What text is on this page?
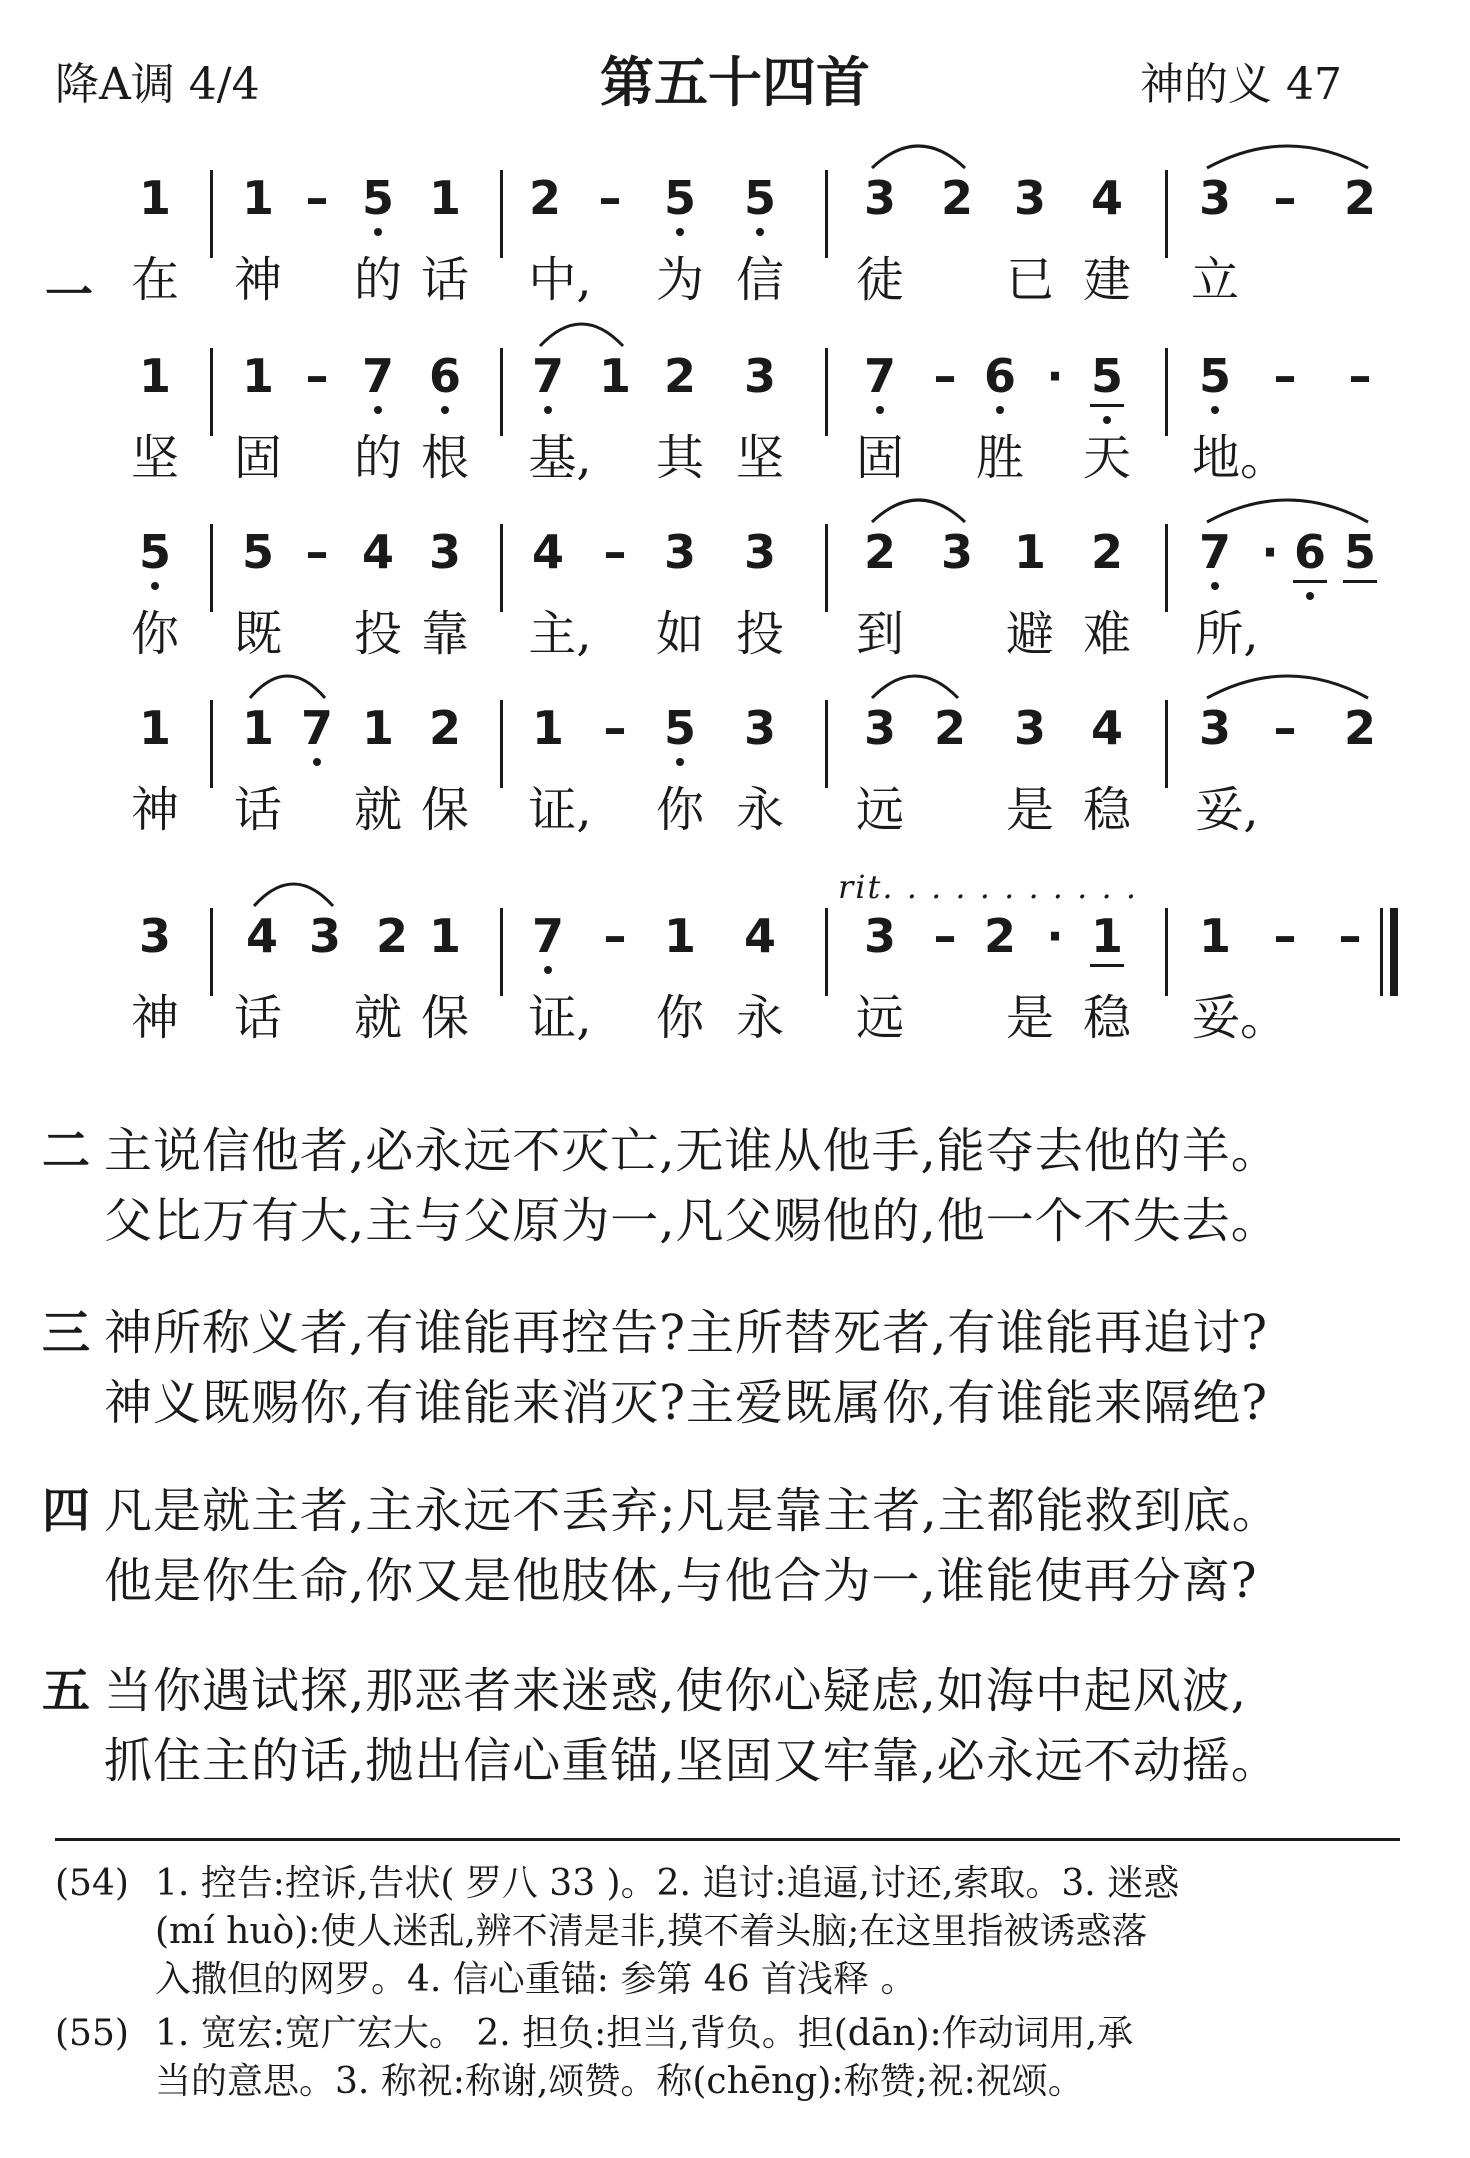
降A调 4/4	第五十四首	神的义 47
一
1	1 – 5 1	2 – 5	5	3 2 3 4	3 –	2
在 神 的 话 中, 为 信 徒 已 建 立
1	1 – 7 6	7 1 2	3	7 – 6 · 5	5 –	–
坚 固 的 根 基, 其 坚 固 胜 天 地。
5	5 – 4 3	4 – 3	3	2 3 1 2	7 · 6 5
你 既 投 靠 主, 如 投 到 避 难 所,
1	1 7 1 2	1 – 5	3	3 2	3 4	3 –	2
神 话 就 保 证, 你 永 远 是 稳 妥,
rit. . . . . . . . . . .
3	4 3 2 1	7 – 1	4	3 – 2 · 1	1 – –
神 话 就 保 证, 你 永 远 是 稳 妥。
二 主说信他者,必永远不灭亡,无谁从他手,能夺去他的羊。
父比万有大,主与父原为一,凡父赐他的,他一个不失去。
三 神所称义者,有谁能再控告?主所替死者,有谁能再追讨?
神义既赐你,有谁能来消灭?主爱既属你,有谁能来隔绝?
四 凡是就主者,主永远不丢弃;凡是靠主者,主都能救到底。
他是你生命,你又是他肢体,与他合为一,谁能使再分离?
五 当你遇试探,那恶者来迷惑,使你心疑虑,如海中起风波,
抓住主的话,抛出信心重锚,坚固又牢靠,必永远不动摇。
(54) 1. 控告:控诉,告状( 罗八 33 )。2. 追讨:追逼,讨还,索取。3. 迷惑
(mí huò):使人迷乱,辨不清是非,摸不着头脑;在这里指被诱惑落
入撒但的网罗。4. 信心重锚: 参第 46 首浅释 。
(55) 1. 宽宏:宽广宏大。 2. 担负:担当,背负。担(dān):作动词用,承
当的意思。3. 称祝:称谢,颂赞。称(chēng):称赞;祝:祝颂。
